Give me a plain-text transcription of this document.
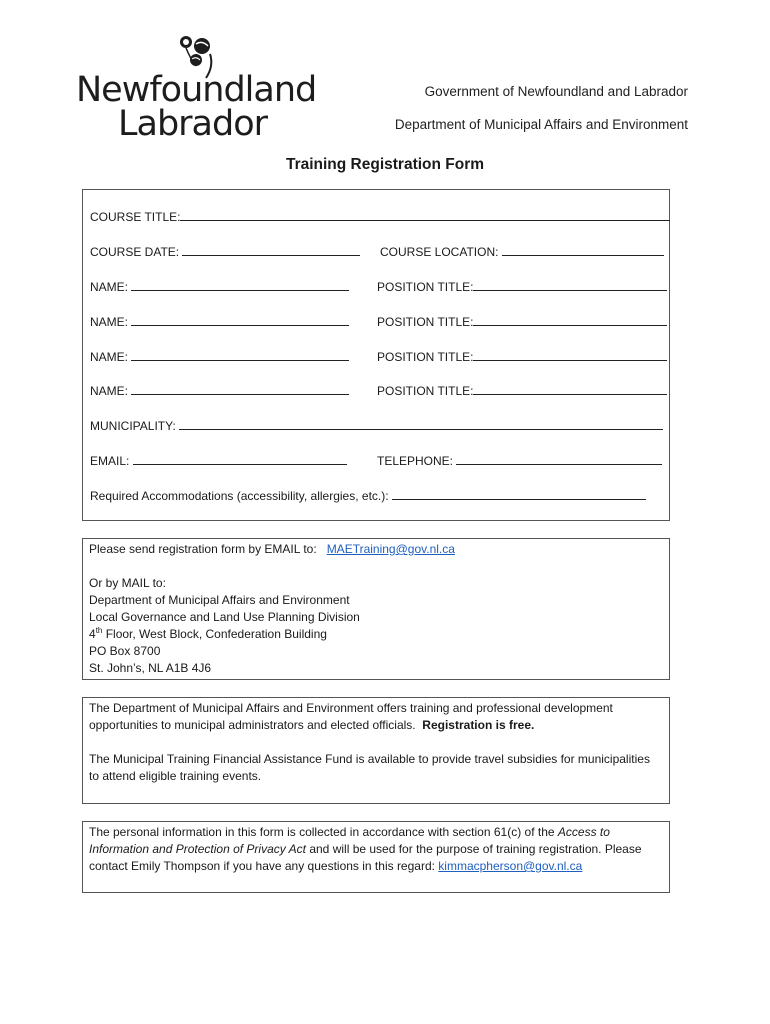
Newfoundland
Labrador
Government of Newfoundland and Labrador
Department of Municipal Affairs and Environment
Training Registration Form
COURSE TITLE:
COURSE DATE:	COURSE LOCATION:
NAME:	POSITION TITLE:
NAME:	POSITION TITLE:
NAME:	POSITION TITLE:
NAME:	POSITION TITLE:
MUNICIPALITY:
EMAIL:	TELEPHONE:
Required Accommodations (accessibility, allergies, etc.):

Please send registration form by EMAIL to: MAETraining@gov.nl.ca

Or by MAIL to:

Department of Municipal Affairs and Environment

Local Governance and Land Use Planning Division

4th Floor, West Block, Confederation Building

PO Box 8700

St. John’s, NL A1B 4J6

The Department of Municipal Affairs and Environment offers training and professional development opportunities to municipal administrators and elected officials. Registration is free.

The Municipal Training Financial Assistance Fund is available to provide travel subsidies for municipalities to attend eligible training events.

The personal information in this form is collected in accordance with section 61(c) of the Access to Information and Protection of Privacy Act and will be used for the purpose of training registration. Please contact Emily Thompson if you have any questions in this regard: kimmacpherson@gov.nl.ca
